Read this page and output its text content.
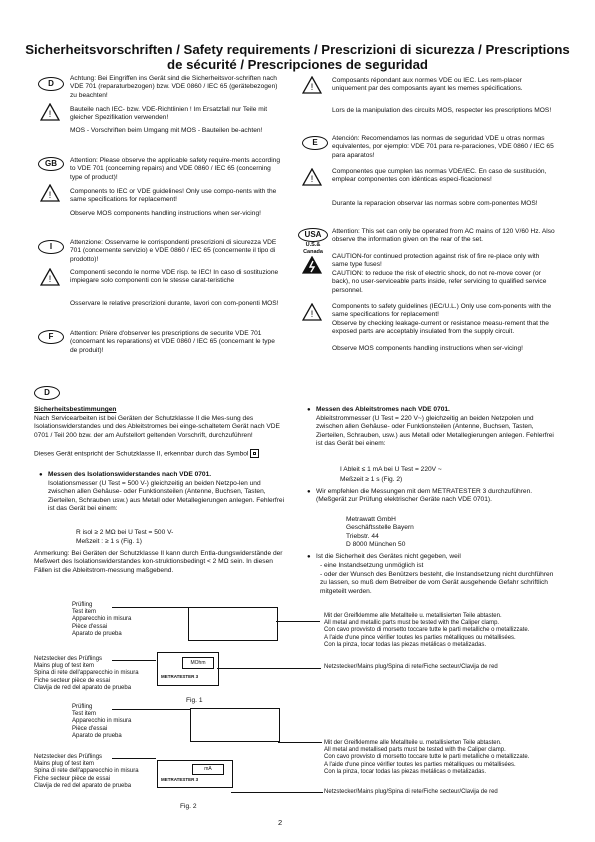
Sicherheitsvorschriften / Safety requirements / Prescrizioni di sicurezza / Prescriptions
de sécurité / Prescripciones de seguridad
D
Achtung: Bei Eingriffen ins Gerät sind die Sicherheitsvor-schriften nach VDE 701 (reparaturbezogen) bzw. VDE 0860 / IEC 65 (gerätebezogen) zu beachten!
!	Bauteile nach IEC- bzw. VDE-Richtlinien ! Im Ersatzfall nur Teile mit gleicher Spezifikation verwenden!
MOS - Vorschriften beim Umgang mit MOS - Bauteilen be-achten!
GB	Attention: Please observe the applicable safety require-ments according to VDE 701 (concerning repairs) and VDE 0860 / IEC 65 (concerning type of product)!
!	Components to IEC or VDE guidelines! Only use compo-nents with the same specifications for replacement!
Observe MOS components handling instructions when ser-vicing!
I	Attenzione: Osservarne le corrispondenti prescrizioni di sicurezza VDE 701 (concernente servizio) e VDE 0860 / IEC 65 (concernente il tipo di prodotto)!
!
Componenti secondo le norme VDE risp. te IEC! In caso di sostituzione impiegare solo componenti con le stesse carat-teristiche
Osservare le relative prescrizioni durante, lavori con com-ponenti MOS!
F	Attention: Prière d'observer les prescriptions de securite VDE 701 (concernant les reparations) et VDE 0860 / IEC 65 (concernant le type de produit)!
!
Composants répondant aux normes VDE ou IEC. Les rem-placer uniquement par des composants ayant les memes spécifications.
Lors de la manipulation des circuits MOS, respecter les prescriptions MOS!
E	Atención: Recomendamos las normas de seguridad VDE u otras normas equivalentes, por ejemplo: VDE 701 para re-paraciones, VDE 0860 / IEC 65 para aparatos!
!
Componentes que cumplen las normas VDE/IEC. En caso de sustitución, emplear componentes con idénticas especi-ficaciones!
Durante la reparacion observar las normas sobre com-ponentes MOS!
USA
U.S.&
Canada
Attention: This set can only be operated from AC mains of 120 V/60 Hz. Also observe the information given on the rear of the set.
CAUTION-for continued protection against risk of fire re-place only with same type fuses!
CAUTION: to reduce the risk of electric shock, do not re-move cover (or back), no user-serviceable parts inside, refer servicing to qualified service personnel.
!
Components to safety guidelines (IEC/U.L.) Only use com-ponents with the same specifications for replacement!
Observe by checking leakage-current or resistance measu-rement that the exposed parts are acceptably insulated from the supply circuit.
Observe MOS components handling instructions when ser-vicing!
D
Sicherheitsbestimmungen
Nach Servicearbeiten ist bei Geräten der Schutzklasse II die Mes-sung des Isolationswiderstandes und des Ableitstromes bei einge-schaltetem Gerät nach VDE 0701 / Teil 200 bzw. der am Aufstellort geltenden Vorschrift, durchzuführen!
Dieses Gerät entspricht der Schutzklasse II, erkennbar durch das Symbol
● Messen des Isolationswiderstandes nach VDE 0701.
Isolationsmesser (U Test = 500 V-) gleichzeitig an beiden Netzpo-len und zwischen allen Gehäuse- oder Funktionsteilen (Antenne, Buchsen, Tasten, Zierteilen, Schrauben usw.) aus Metall oder Metallegierungen anlegen. Fehlerfrei ist das Gerät bei einem:
R isol ≥ 2 MΩ bei U Test = 500 V-
Meßzeit : ≥ 1 s (Fig. 1)
Anmerkung: Bei Geräten der Schutzklasse II kann durch Entla-dungswiderstände der Meßwert des Isolationswiderstandes kon-struktionsbedingt < 2 MΩ sein. In diesen Fällen ist die Ableitstrom-messung maßgebend.
● Messen des Ableitstromes nach VDE 0701.
Ableitstrommesser (U Test = 220 V~) gleichzeitig an beiden Netzpolen und zwischen allen Gehäuse- oder Funktionsteilen (Antenne, Buchsen, Tasten, Zierteilen, Schrauben, usw.) aus Metall oder Metallegierungen anlegen. Fehlerfrei ist das Gerät bei einem:
I Ableit ≤ 1 mA bei U Test = 220V ~
Meßzeit ≥ 1 s (Fig. 2)
● Wir empfehlen die Messungen mit dem METRATESTER 3 durchzuführen. (Meßgerät zur Prüfung elektrischer Geräte nach VDE 0701).
Metrawatt GmbH
Geschäftsstelle Bayern
Triebstr. 44
D 8000 München 50
● Ist die Sicherheit des Gerätes nicht gegeben, weil
- eine Instandsetzung unmöglich ist
- oder der Wunsch des Benützers besteht, die Instandsetzung nicht durchführen zu lassen, so muß dem Betreiber de vom Gerät ausgehende Gefahr schriftlich mitgeteilt werden.
Prüfling
Test item
Apparecchio in misura
Pièce d'essai
Aparato de prueba
Netzstecker des Prüflings
Mains plug of test item
Spina di rete dell'apparecchio in misura
Fiche secteur pièce de essai
Clavija de red del aparato de prueba
MOhm
METRATESTER 3
Fig. 1
Mit der Greifklemme alle Metallteile u. metallisierten Teile abtasten.
All metal and metallic parts must be tested with the Caliper clamp.
Con cavo provvisto di morsetto toccare tutte le parti metalliche o metallizzate.
A l'aide d'une pince vérifier toutes les parties métalliques ou métallisées.
Con la pinza, tocar todas las piezas metálicas o metalizadas.
Netzstecker/Mains plug/Spina di rete/Fiche secteur/Clavija de red
Prüfling
Test item
Apparecchio in misura
Pièce d'essai
Aparato de prueba
Netzstecker des Prüflings
Mains plug of test item
Spina di rete dell'apparecchio in misura
Fiche secteur pièce de essai
Clavija de red del aparato de prueba
mA
METRATESTER 3
Fig. 2
Mit der Greifklemme alle Metallteile u. metallisierten Teile abtasten.
All metal and metallised parts must be tested with the Caliper clamp.
Con cavo provvisto di morsetto toccare tutte le parti metalliche o metallizzate.
A l'aide d'une pince vérifier toutes les parties métalliques ou métallisées.
Con la pinza, tocar todas las piezas metálicas o metalizadas.
Netzstecker/Mains plug/Spina di rete/Fiche secteur/Clavija de red
2
